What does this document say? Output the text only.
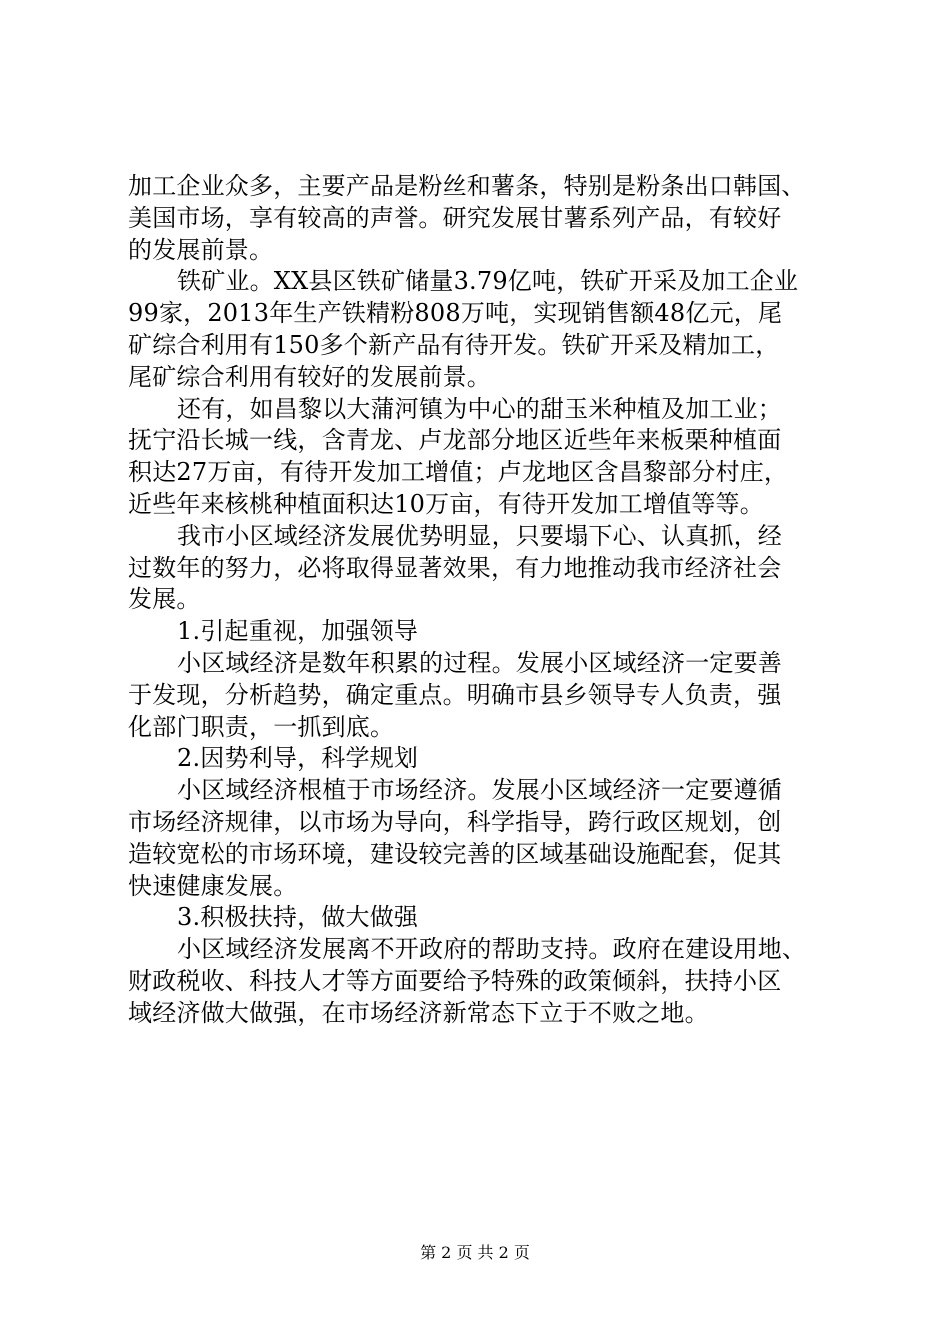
加工企业众多，主要产品是粉丝和薯条，特别是粉条出口韩国、
美国市场，享有较高的声誉。研究发展甘薯系列产品，有较好
的发展前景。
铁矿业。XX县区铁矿储量3.79亿吨，铁矿开采及加工企业
99家，2013年生产铁精粉808万吨，实现销售额48亿元，尾
矿综合利用有150多个新产品有待开发。铁矿开采及精加工，
尾矿综合利用有较好的发展前景。
还有，如昌黎以大蒲河镇为中心的甜玉米种植及加工业；
抚宁沿长城一线，含青龙、卢龙部分地区近些年来板栗种植面
积达27万亩，有待开发加工增值；卢龙地区含昌黎部分村庄，
近些年来核桃种植面积达10万亩，有待开发加工增值等等。
我市小区域经济发展优势明显，只要塌下心、认真抓，经
过数年的努力，必将取得显著效果，有力地推动我市经济社会
发展。
1.引起重视，加强领导
小区域经济是数年积累的过程。发展小区域经济一定要善
于发现，分析趋势，确定重点。明确市县乡领导专人负责，强
化部门职责，一抓到底。
2.因势利导，科学规划
小区域经济根植于市场经济。发展小区域经济一定要遵循
市场经济规律，以市场为导向，科学指导，跨行政区规划，创
造较宽松的市场环境，建设较完善的区域基础设施配套，促其
快速健康发展。
3.积极扶持，做大做强
小区域经济发展离不开政府的帮助支持。政府在建设用地、
财政税收、科技人才等方面要给予特殊的政策倾斜，扶持小区
域经济做大做强，在市场经济新常态下立于不败之地。
第 2 页 共 2 页
